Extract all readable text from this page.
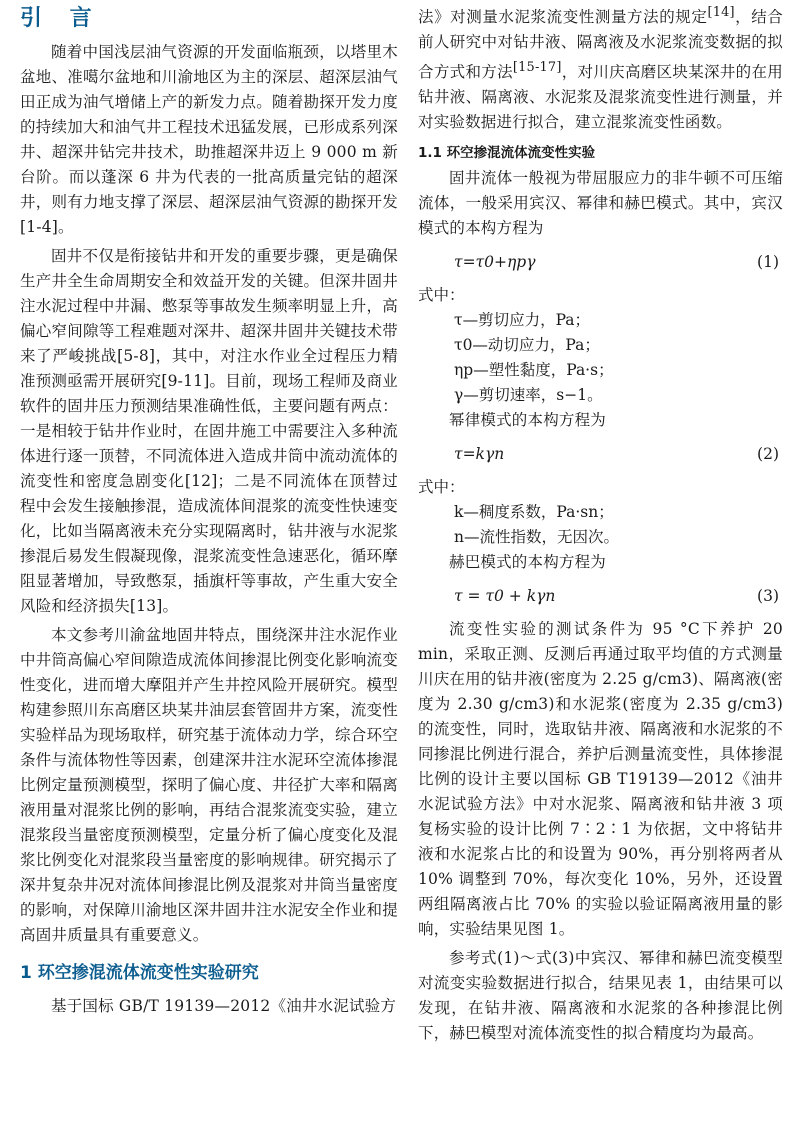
引 言

随着中国浅层油气资源的开发面临瓶颈，以塔里木盆地、准噶尔盆地和川渝地区为主的深层、超深层油气田正成为油气增储上产的新发力点。随着勘探开发力度的持续加大和油气井工程技术迅猛发展，已形成系列深井、超深井钻完井技术，助推超深井迈上 9 000 m 新台阶。而以蓬深 6 井为代表的一批高质量完钻的超深井，则有力地支撑了深层、超深层油气资源的勘探开发[1-4]。

固井不仅是衔接钻井和开发的重要步骤，更是确保生产井全生命周期安全和效益开发的关键。但深井固井注水泥过程中井漏、憋泵等事故发生频率明显上升，高偏心窄间隙等工程难题对深井、超深井固井关键技术带来了严峻挑战[5-8]，其中，对注水作业全过程压力精准预测亟需开展研究[9-11]。目前，现场工程师及商业软件的固井压力预测结果准确性低，主要问题有两点：一是相较于钻井作业时，在固井施工中需要注入多种流体进行逐一顶替，不同流体进入造成井筒中流动流体的流变性和密度急剧变化[12]；二是不同流体在顶替过程中会发生接触掺混，造成流体间混浆的流变性快速变化，比如当隔离液未充分实现隔离时，钻井液与水泥浆掺混后易发生假凝现像，混浆流变性急速恶化，循环摩阻显著增加，导致憋泵，插旗杆等事故，产生重大安全风险和经济损失[13]。

本文参考川渝盆地固井特点，围绕深井注水泥作业中井筒高偏心窄间隙造成流体间掺混比例变化影响流变性变化，进而增大摩阻并产生井控风险开展研究。模型构建参照川东高磨区块某井油层套管固井方案，流变性实验样品为现场取样，研究基于流体动力学，综合环空条件与流体物性等因素，创建深井注水泥环空流体掺混比例定量预测模型，探明了偏心度、井径扩大率和隔离液用量对混浆比例的影响，再结合混浆流变实验，建立混浆段当量密度预测模型，定量分析了偏心度变化及混浆比例变化对混浆段当量密度的影响规律。研究揭示了深井复杂井况对流体间掺混比例及混浆对井筒当量密度的影响，对保障川渝地区深井固井注水泥安全作业和提高固井质量具有重要意义。

1 环空掺混流体流变性实验研究

基于国标 GB/T 19139—2012《油井水泥试验方

法》对测量水泥浆流变性测量方法的规定[14]，结合前人研究中对钻井液、隔离液及水泥浆流变数据的拟合方式和方法[15-17]，对川庆高磨区块某深井的在用钻井液、隔离液、水泥浆及混浆流变性进行测量，并对实验数据进行拟合，建立混浆流变性函数。

1.1 环空掺混流体流变性实验

固井流体一般视为带屈服应力的非牛顿不可压缩流体，一般采用宾汉、幂律和赫巴模式。其中，宾汉模式的本构方程为

τ=τ0+ηpγ	(1)
式中：
τ—剪切应力，Pa；
τ0—动切应力，Pa；
ηp—塑性黏度，Pa·s；
γ—剪切速率，s−1。

幂律模式的本构方程为

τ=kγn	(2)
式中：
k—稠度系数，Pa·sn；
n—流性指数，无因次。

赫巴模式的本构方程为

τ = τ0 + kγn	(3)

流变性实验的测试条件为 95 °C下养护 20 min，采取正测、反测后再通过取平均值的方式测量川庆在用的钻井液(密度为 2.25 g/cm3)、隔离液(密度为 2.30 g/cm3)和水泥浆(密度为 2.35 g/cm3)的流变性，同时，选取钻井液、隔离液和水泥浆的不同掺混比例进行混合，养护后测量流变性，具体掺混比例的设计主要以国标 GB T19139—2012《油井水泥试验方法》中对水泥浆、隔离液和钻井液 3 项复杨实验的设计比例 7∶2∶1 为依据，文中将钻井液和水泥浆占比的和设置为 90%，再分别将两者从 10% 调整到 70%，每次变化 10%，另外，还设置两组隔离液占比 70% 的实验以验证隔离液用量的影响，实验结果见图 1。

参考式(1)～式(3)中宾汉、幂律和赫巴流变模型对流变实验数据进行拟合，结果见表 1，由结果可以发现，在钻井液、隔离液和水泥浆的各种掺混比例下，赫巴模型对流体流变性的拟合精度均为最高。
